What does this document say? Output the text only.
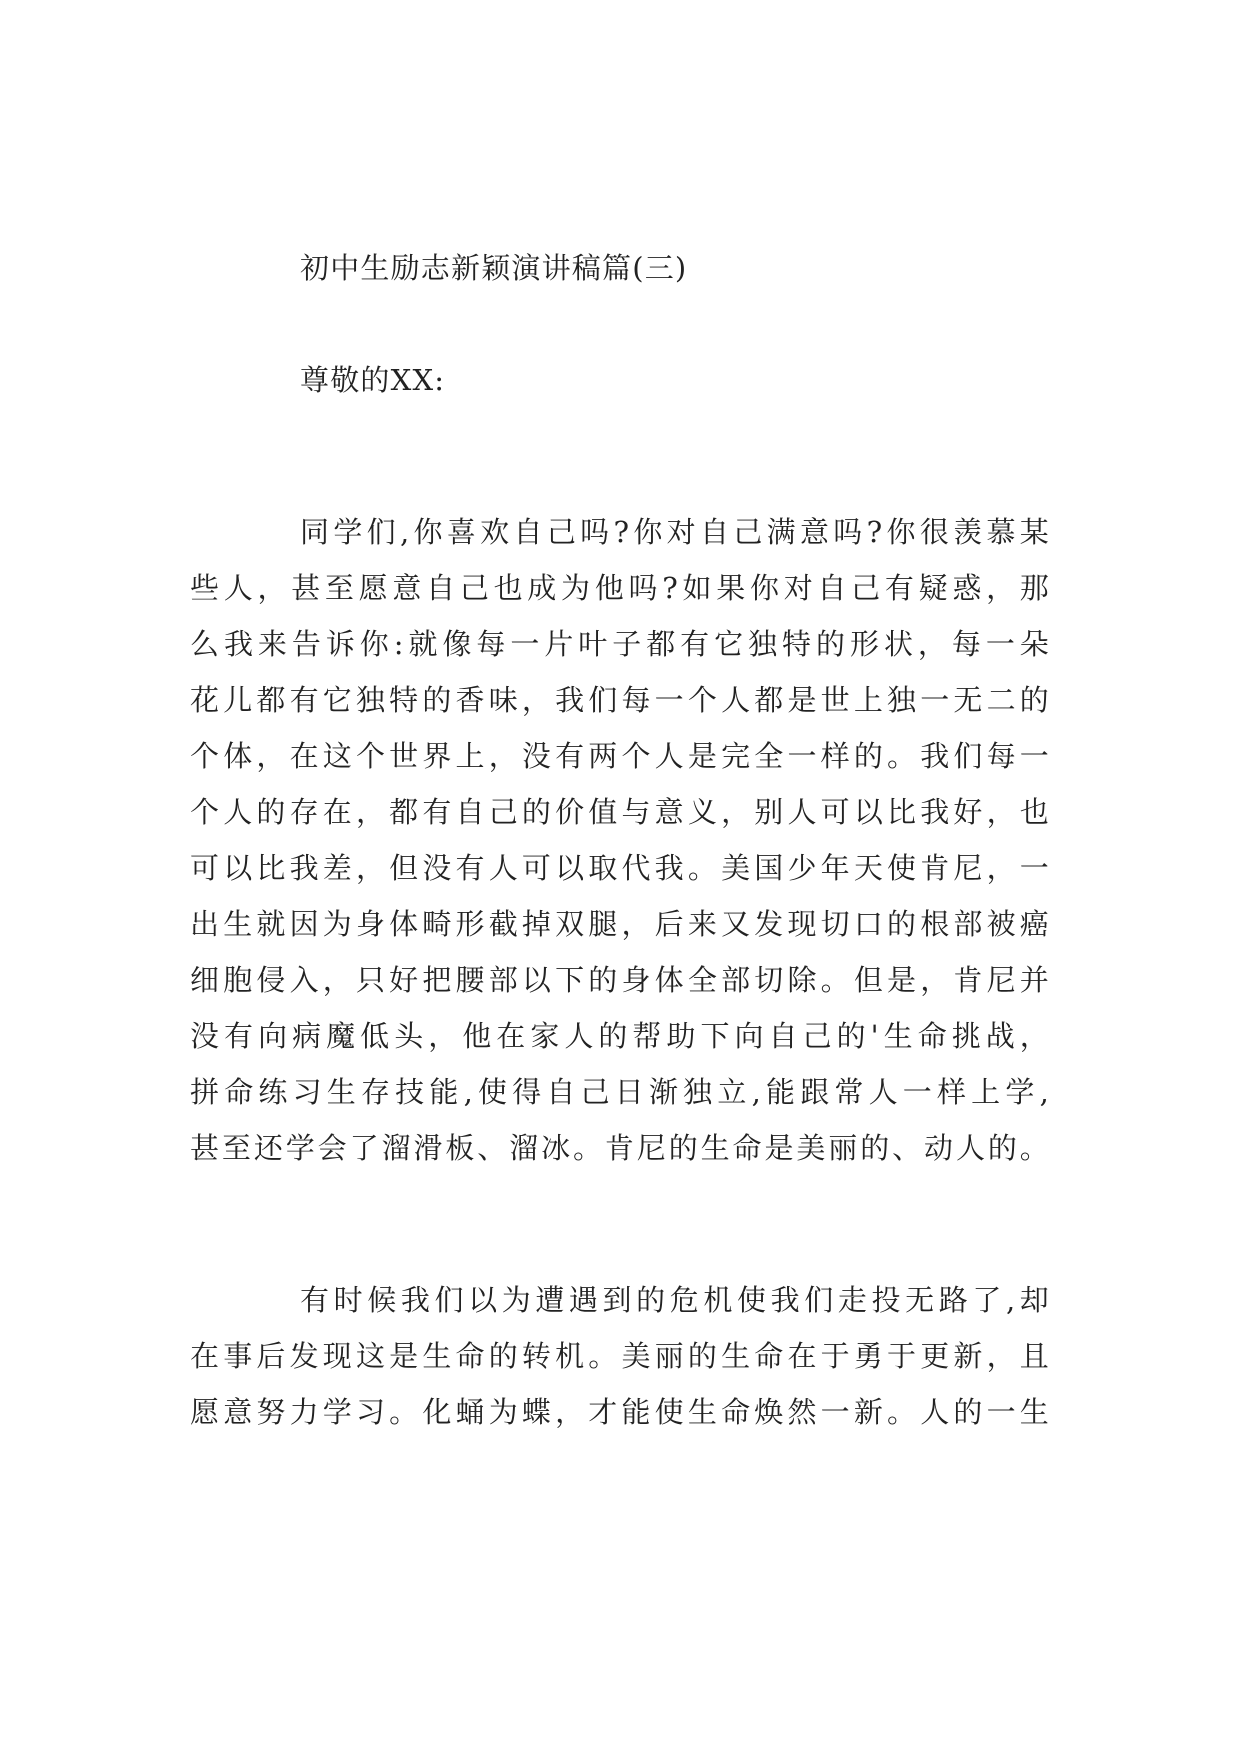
初中生励志新颖演讲稿篇(三)

尊敬的XX:

同学们,你喜欢自己吗?你对自己满意吗?你很羡慕某

些人，甚至愿意自己也成为他吗?如果你对自己有疑惑，那

么我来告诉你:就像每一片叶子都有它独特的形状，每一朵

花儿都有它独特的香味，我们每一个人都是世上独一无二的

个体，在这个世界上，没有两个人是完全一样的。我们每一

个人的存在，都有自己的价值与意义，别人可以比我好，也

可以比我差，但没有人可以取代我。美国少年天使肯尼，一

出生就因为身体畸形截掉双腿，后来又发现切口的根部被癌

细胞侵入，只好把腰部以下的身体全部切除。但是，肯尼并

没有向病魔低头，他在家人的帮助下向自己的'生命挑战，

拼命练习生存技能,使得自己日渐独立,能跟常人一样上学,

甚至还学会了溜滑板、溜冰。肯尼的生命是美丽的、动人的。

有时候我们以为遭遇到的危机使我们走投无路了,却

在事后发现这是生命的转机。美丽的生命在于勇于更新，且

愿意努力学习。化蛹为蝶，才能使生命焕然一新。人的一生
